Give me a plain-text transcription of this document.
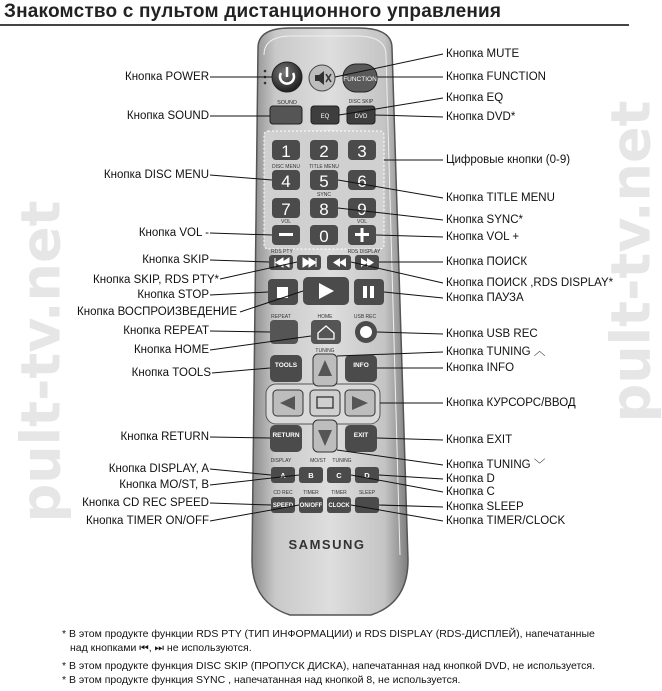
pult-tv.net	pult-tv.net
Знакомство с пультом дистанционного управления
FUNCTION
SOUND
EQ
DISC SKIP
DVD
1 2 3
4 5 6
7 8 9
0
DISC MENU TITLE MENU
SYNC
VOL	VOL
RDS PTY	RDS DISPLAY
REPEAT	HOME	USB REC
TUNING
TOOLS	INFO
RETURN	EXIT
DISPLAY	MO/ST TUNING
A	B	C	D
CD REC TIMER TIMER SLEEP
SPEED ON/OFF CLOCK
SAMSUNG
Кнопка POWER
Кнопка SOUND
Кнопка DISC MENU
Кнопка VOL -
Кнопка SKIP
Кнопка SKIP, RDS PTY*
Кнопка STOP
Кнопка ВОСПРОИЗВЕДЕНИЕ
Кнопка REPEAT
Кнопка HOME
Кнопка TOOLS
Кнопка RETURN
Кнопка DISPLAY, A
Кнопка MO/ST, B
Кнопка CD REC SPEED
Кнопка TIMER ON/OFF
Кнопка MUTE
Кнопка FUNCTION
Кнопка EQ
Кнопка DVD*
Цифровые кнопки (0-9)
Кнопка TITLE MENU
Кнопка SYNC*
Кнопка VOL +
Кнопка ПОИСК
Кнопка ПОИСК ,RDS DISPLAY*
Кнопка ПАУЗА
Кнопка USB REC
Кнопка TUNING ︿
Кнопка INFO
Кнопка КУРСОРС/ВВОД
Кнопка EXIT
Кнопка TUNING ﹀
Кнопка D
Кнопка C
Кнопка SLEEP
Кнопка TIMER/CLOCK
* В этом продукте функции RDS PTY (ТИП ИНФОРМАЦИИ) и RDS DISPLAY (RDS-ДИСПЛЕЙ), напечатанные
над кнопками ⏮, ⏭ не используются.
* В этом продукте функция DISC SKIP (ПРОПУСК ДИСКА), напечатанная над кнопкой DVD, не используется.
* В этом продукте функция SYNC , напечатанная над кнопкой 8, не используется.
